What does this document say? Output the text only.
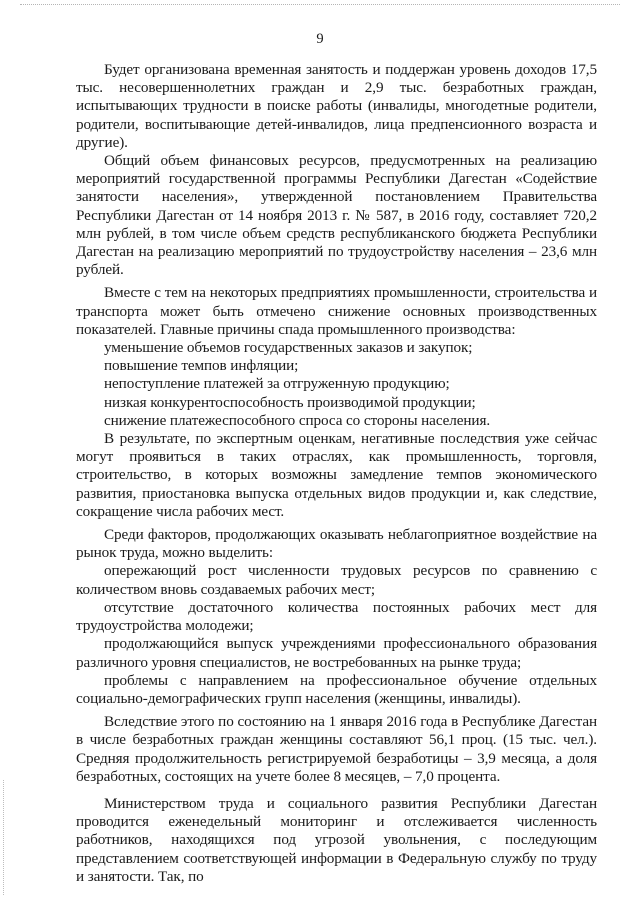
9

Будет организована временная занятость и поддержан уровень доходов 17,5 тыс. несовершеннолетних граждан и 2,9 тыс. безработных граждан, испытывающих трудности в поиске работы (инвалиды, многодетные родители, родители, воспитывающие детей-инвалидов, лица предпенсионного возраста и другие).

Общий объем финансовых ресурсов, предусмотренных на реализацию мероприятий государственной программы Республики Дагестан «Содействие занятости населения», утвержденной постановлением Правительства Республики Дагестан от 14 ноября 2013 г. № 587, в 2016 году, составляет 720,2 млн рублей, в том числе объем средств республиканского бюджета Республики Дагестан на реализацию мероприятий по трудоустройству населения – 23,6 млн рублей.

Вместе с тем на некоторых предприятиях промышленности, строительства и транспорта может быть отмечено снижение основных производственных показателей. Главные причины спада промышленного производства:

уменьшение объемов государственных заказов и закупок;

повышение темпов инфляции;

непоступление платежей за отгруженную продукцию;

низкая конкурентоспособность производимой продукции;

снижение платежеспособного спроса со стороны населения.

В результате, по экспертным оценкам, негативные последствия уже сейчас могут проявиться в таких отраслях, как промышленность, торговля, строительство, в которых возможны замедление темпов экономического развития, приостановка выпуска отдельных видов продукции и, как следствие, сокращение числа рабочих мест.

Среди факторов, продолжающих оказывать неблагоприятное воздействие на рынок труда, можно выделить:

опережающий рост численности трудовых ресурсов по сравнению с количеством вновь создаваемых рабочих мест;

отсутствие достаточного количества постоянных рабочих мест для трудоустройства молодежи;

продолжающийся выпуск учреждениями профессионального образования различного уровня специалистов, не востребованных на рынке труда;

проблемы с направлением на профессиональное обучение отдельных социально-демографических групп населения (женщины, инвалиды).

Вследствие этого по состоянию на 1 января 2016 года в Республике Дагестан в числе безработных граждан женщины составляют 56,1 проц. (15 тыс. чел.). Средняя продолжительность регистрируемой безработицы – 3,9 месяца, а доля безработных, состоящих на учете более 8 месяцев, – 7,0 процента.

Министерством труда и социального развития Республики Дагестан проводится еженедельный мониторинг и отслеживается численность работников, находящихся под угрозой увольнения, с последующим представлением соответствующей информации в Федеральную службу по труду и занятости. Так, по
